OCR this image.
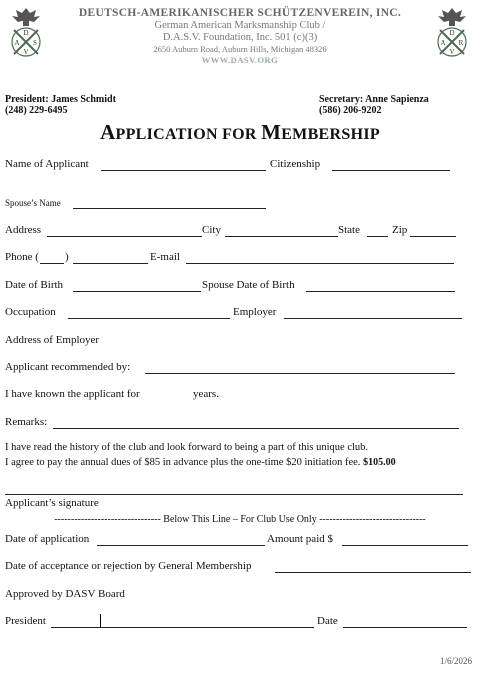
D
A S
V
D
A R
V
DEUTSCH-AMERIKANISCHER SCHÜTZENVEREIN, INC.
German American Marksmanship Club /
D.A.S.V. Foundation, Inc. 501 (c)(3)
2650 Auburn Road, Auburn Hills, Michigan 48326
WWW.DASV.ORG
President: James Schmidt
(248) 229-6495
Secretary: Anne Sapienza
(586) 206-9202
APPLICATION FOR MEMBERSHIP
Name of Applicant	Citizenship
Spouse’s Name
Address	City	State	Zip
Phone ( )	E-mail
Date of Birth	Spouse Date of Birth
Occupation	Employer
Address of Employer
Applicant recommended by:
I have known the applicant for	years.
Remarks:
I have read the history of the club and look forward to being a part of this unique club.
I agree to pay the annual dues of $85 in advance plus the one-time $20 initiation fee. $105.00
Applicant’s signature
-------------------------------- Below This Line – For Club Use Only --------------------------------
Date of application	Amount paid $
Date of acceptance or rejection by General Membership
Approved by DASV Board
President	Date
1/6/2026
